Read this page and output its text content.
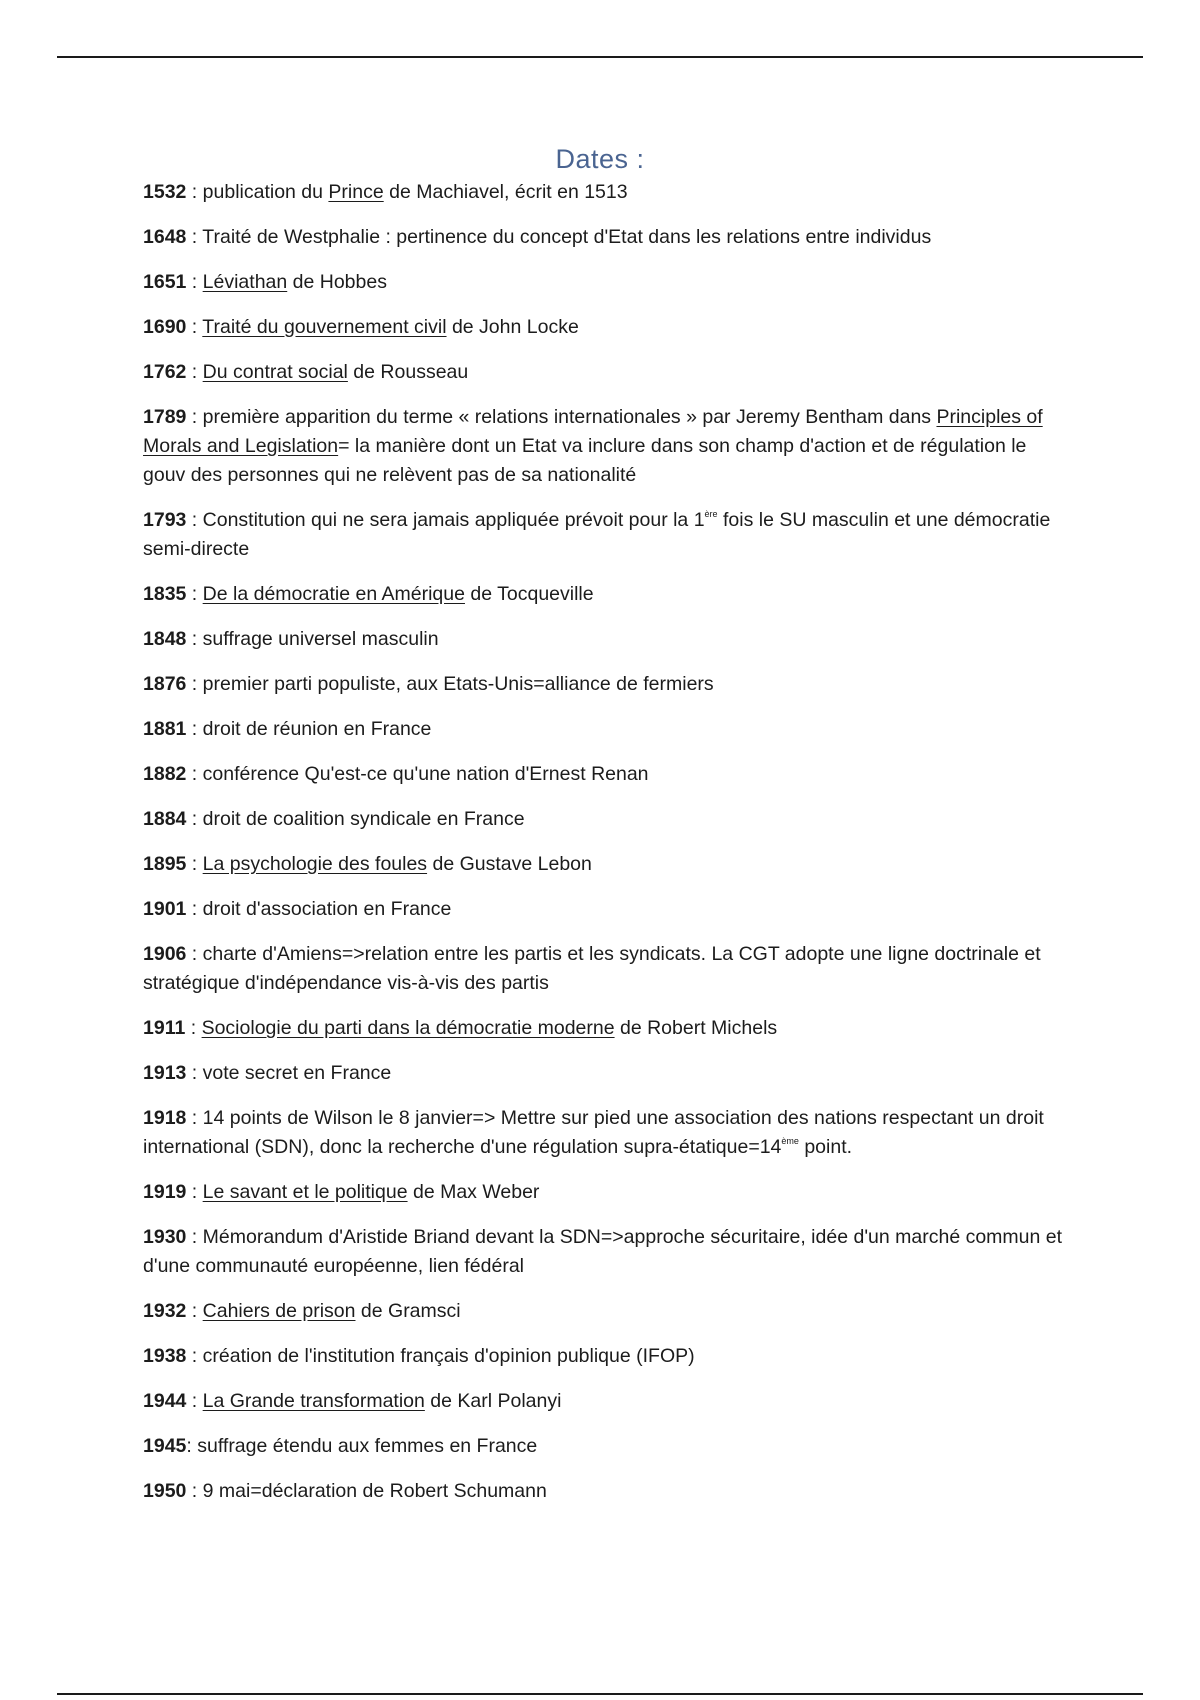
Dates :

1532 : publication du Prince de Machiavel, écrit en 1513

1648 : Traité de Westphalie : pertinence du concept d'Etat dans les relations entre individus

1651 : Léviathan de Hobbes

1690 : Traité du gouvernement civil de John Locke

1762 : Du contrat social de Rousseau

1789 : première apparition du terme « relations internationales » par Jeremy Bentham dans Principles of Morals and Legislation= la manière dont un Etat va inclure dans son champ d'action et de régulation le gouv des personnes qui ne relèvent pas de sa nationalité

1793 : Constitution qui ne sera jamais appliquée prévoit pour la 1ère fois le SU masculin et une démocratie semi-directe

1835 : De la démocratie en Amérique de Tocqueville

1848 : suffrage universel masculin

1876 : premier parti populiste, aux Etats-Unis=alliance de fermiers

1881 : droit de réunion en France

1882 : conférence Qu'est-ce qu'une nation d'Ernest Renan

1884 : droit de coalition syndicale en France

1895 : La psychologie des foules de Gustave Lebon

1901 : droit d'association en France

1906 : charte d'Amiens=>relation entre les partis et les syndicats. La CGT adopte une ligne doctrinale et stratégique d'indépendance vis-à-vis des partis

1911 : Sociologie du parti dans la démocratie moderne de Robert Michels

1913 : vote secret en France

1918 : 14 points de Wilson le 8 janvier=> Mettre sur pied une association des nations respectant un droit international (SDN), donc la recherche d'une régulation supra-étatique=14ème point.

1919 : Le savant et le politique de Max Weber

1930 : Mémorandum d'Aristide Briand devant la SDN=>approche sécuritaire, idée d'un marché commun et d'une communauté européenne, lien fédéral

1932 : Cahiers de prison de Gramsci

1938 : création de l'institution français d'opinion publique (IFOP)

1944 : La Grande transformation de Karl Polanyi

1945: suffrage étendu aux femmes en France

1950 : 9 mai=déclaration de Robert Schumann
